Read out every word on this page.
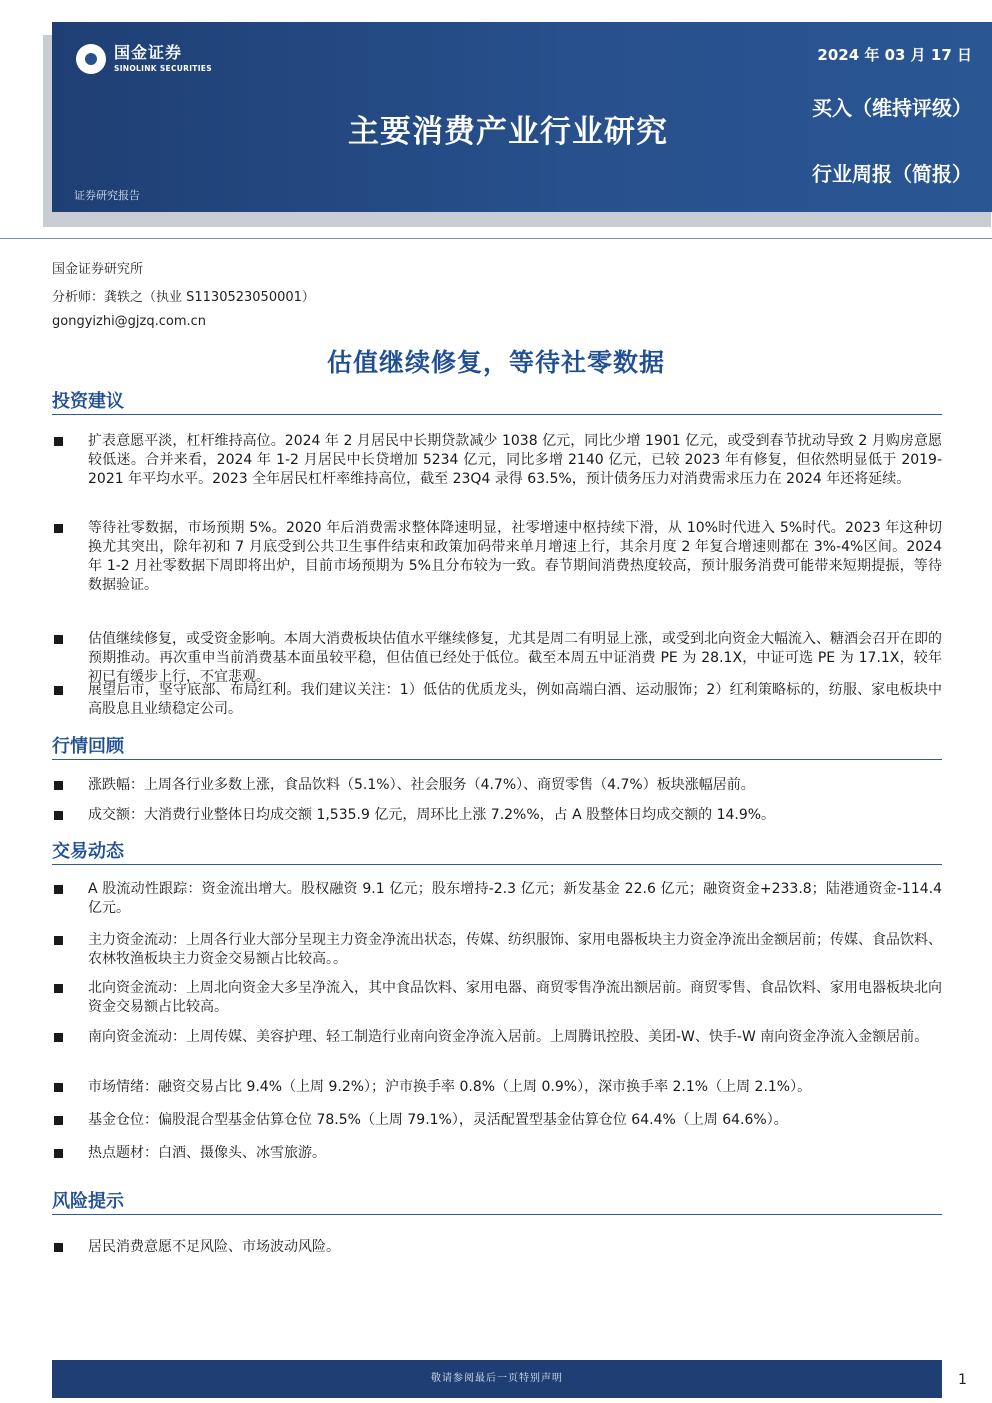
国金证券
SINOLINK SECURITIES
主要消费产业行业研究
2024 年 03 月 17 日
买入（维持评级）
行业周报（简报）
证券研究报告
国金证券研究所
分析师：龚轶之（执业 S1130523050001）
gongyizhi@gjzq.com.cn
估值继续修复，等待社零数据
投资建议
扩表意愿平淡，杠杆维持高位。2024 年 2 月居民中长期贷款减少 1038 亿元，同比少增 1901 亿元，或受到春节扰动导致 2 月购房意愿较低迷。合并来看，2024 年 1-2 月居民中长贷增加 5234 亿元，同比多增 2140 亿元，已较 2023 年有修复，但依然明显低于 2019-2021 年平均水平。2023 全年居民杠杆率维持高位，截至 23Q4 录得 63.5%，预计债务压力对消费需求压力在 2024 年还将延续。
等待社零数据，市场预期 5%。2020 年后消费需求整体降速明显，社零增速中枢持续下滑，从 10%时代进入 5%时代。2023 年这种切换尤其突出，除年初和 7 月底受到公共卫生事件结束和政策加码带来单月增速上行，其余月度 2 年复合增速则都在 3%-4%区间。2024 年 1-2 月社零数据下周即将出炉，目前市场预期为 5%且分布较为一致。春节期间消费热度较高，预计服务消费可能带来短期提振，等待数据验证。
估值继续修复，或受资金影响。本周大消费板块估值水平继续修复，尤其是周二有明显上涨，或受到北向资金大幅流入、糖酒会召开在即的预期推动。再次重申当前消费基本面虽较平稳，但估值已经处于低位。截至本周五中证消费 PE 为 28.1X，中证可选 PE 为 17.1X，较年初已有缓步上行，不宜悲观。
展望后市，坚守底部、布局红利。我们建议关注：1）低估的优质龙头，例如高端白酒、运动服饰；2）红利策略标的，纺服、家电板块中高股息且业绩稳定公司。
行情回顾
涨跌幅：上周各行业多数上涨，食品饮料（5.1%）、社会服务（4.7%）、商贸零售（4.7%）板块涨幅居前。
成交额：大消费行业整体日均成交额 1,535.9 亿元，周环比上涨 7.2%%，占 A 股整体日均成交额的 14.9%。
交易动态
A 股流动性跟踪：资金流出增大。股权融资 9.1 亿元；股东增持-2.3 亿元；新发基金 22.6 亿元；融资资金+233.8；陆港通资金-114.4 亿元。
主力资金流动：上周各行业大部分呈现主力资金净流出状态，传媒、纺织服饰、家用电器板块主力资金净流出金额居前；传媒、食品饮料、农林牧渔板块主力资金交易额占比较高。。
北向资金流动：上周北向资金大多呈净流入，其中食品饮料、家用电器、商贸零售净流出额居前。商贸零售、食品饮料、家用电器板块北向资金交易额占比较高。
南向资金流动：上周传媒、美容护理、轻工制造行业南向资金净流入居前。上周腾讯控股、美团-W、快手-W 南向资金净流入金额居前。
市场情绪：融资交易占比 9.4%（上周 9.2%）；沪市换手率 0.8%（上周 0.9%），深市换手率 2.1%（上周 2.1%）。
基金仓位：偏股混合型基金估算仓位 78.5%（上周 79.1%），灵活配置型基金估算仓位 64.4%（上周 64.6%）。
热点题材：白酒、摄像头、冰雪旅游。
风险提示
居民消费意愿不足风险、市场波动风险。
敬请参阅最后一页特别声明	1
